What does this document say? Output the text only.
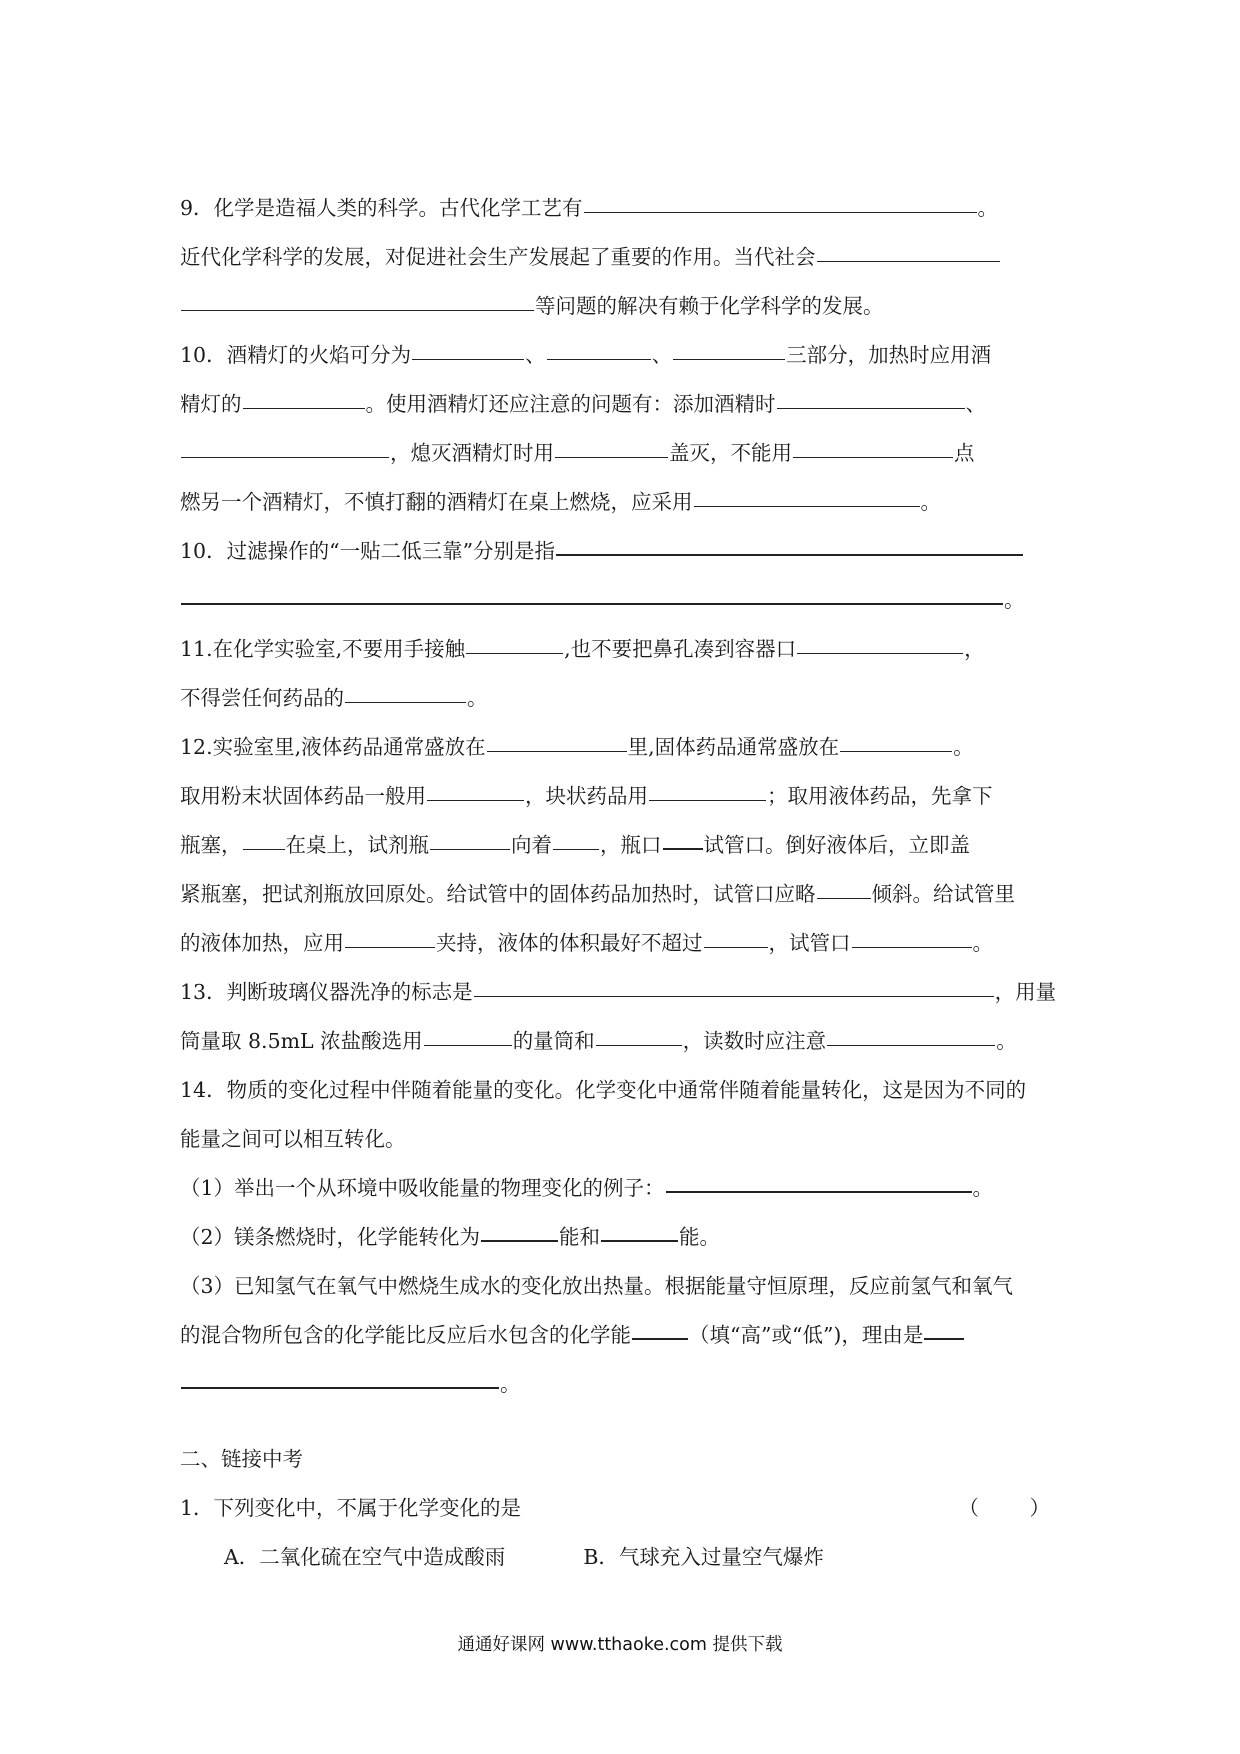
9．化学是造福人类的科学。古代化学工艺有	。
近代化学科学的发展，对促进社会生产发展起了重要的作用。当代社会
等问题的解决有赖于化学科学的发展。
10．酒精灯的火焰可分为	、	、	三部分，加热时应用酒
精灯的	。使用酒精灯还应注意的问题有：添加酒精时	、
，熄灭酒精灯时用	盖灭，不能用	点
燃另一个酒精灯，不慎打翻的酒精灯在桌上燃烧，应采用	。
10．过滤操作的“一贴二低三靠”分别是指
。
11.在化学实验室,不要用手接触	,也不要把鼻孔凑到容器口	，
不得尝任何药品的	。
12.实验室里,液体药品通常盛放在	里,固体药品通常盛放在	。
取用粉末状固体药品一般用	，块状药品用	；取用液体药品，先拿下
瓶塞， 在桌上，试剂瓶	向着 ，瓶口 试管口。倒好液体后，立即盖
紧瓶塞，把试剂瓶放回原处。给试管中的固体药品加热时，试管口应略	倾斜。给试管里
的液体加热，应用	夹持，液体的体积最好不超过	，试管口	。
13．判断玻璃仪器洗净的标志是	，用量
筒量取 8.5mL 浓盐酸选用	的量筒和	，读数时应注意	。
14．物质的变化过程中伴随着能量的变化。化学变化中通常伴随着能量转化，这是因为不同的
能量之间可以相互转化。
（1）举出一个从环境中吸收能量的物理变化的例子：	。
（2）镁条燃烧时，化学能转化为	能和	能。
（3）已知氢气在氧气中燃烧生成水的变化放出热量。根据能量守恒原理，反应前氢气和氧气
的混合物所包含的化学能比反应后水包含的化学能	（填“高”或“低”)，理由是
。
二、链接中考
1．下列变化中，不属于化学变化的是	（ ）
A．二氧化硫在空气中造成酸雨	B．气球充入过量空气爆炸
通通好课网 www.tthaoke.com 提供下载
